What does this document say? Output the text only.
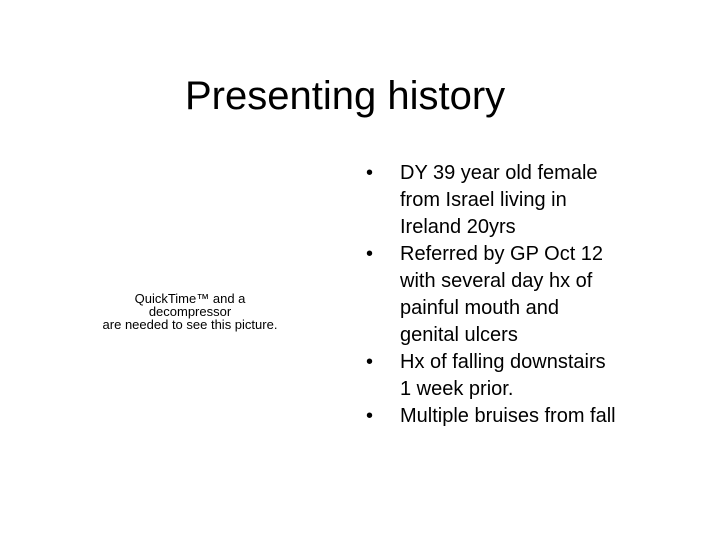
Presenting history
QuickTime™ and a
decompressor
are needed to see this picture.
• DY 39 year old female
from Israel living in
Ireland 20yrs
• Referred by GP Oct 12
with several day hx of
painful mouth and
genital ulcers
• Hx of falling downstairs
1 week prior.
• Multiple bruises from fall
